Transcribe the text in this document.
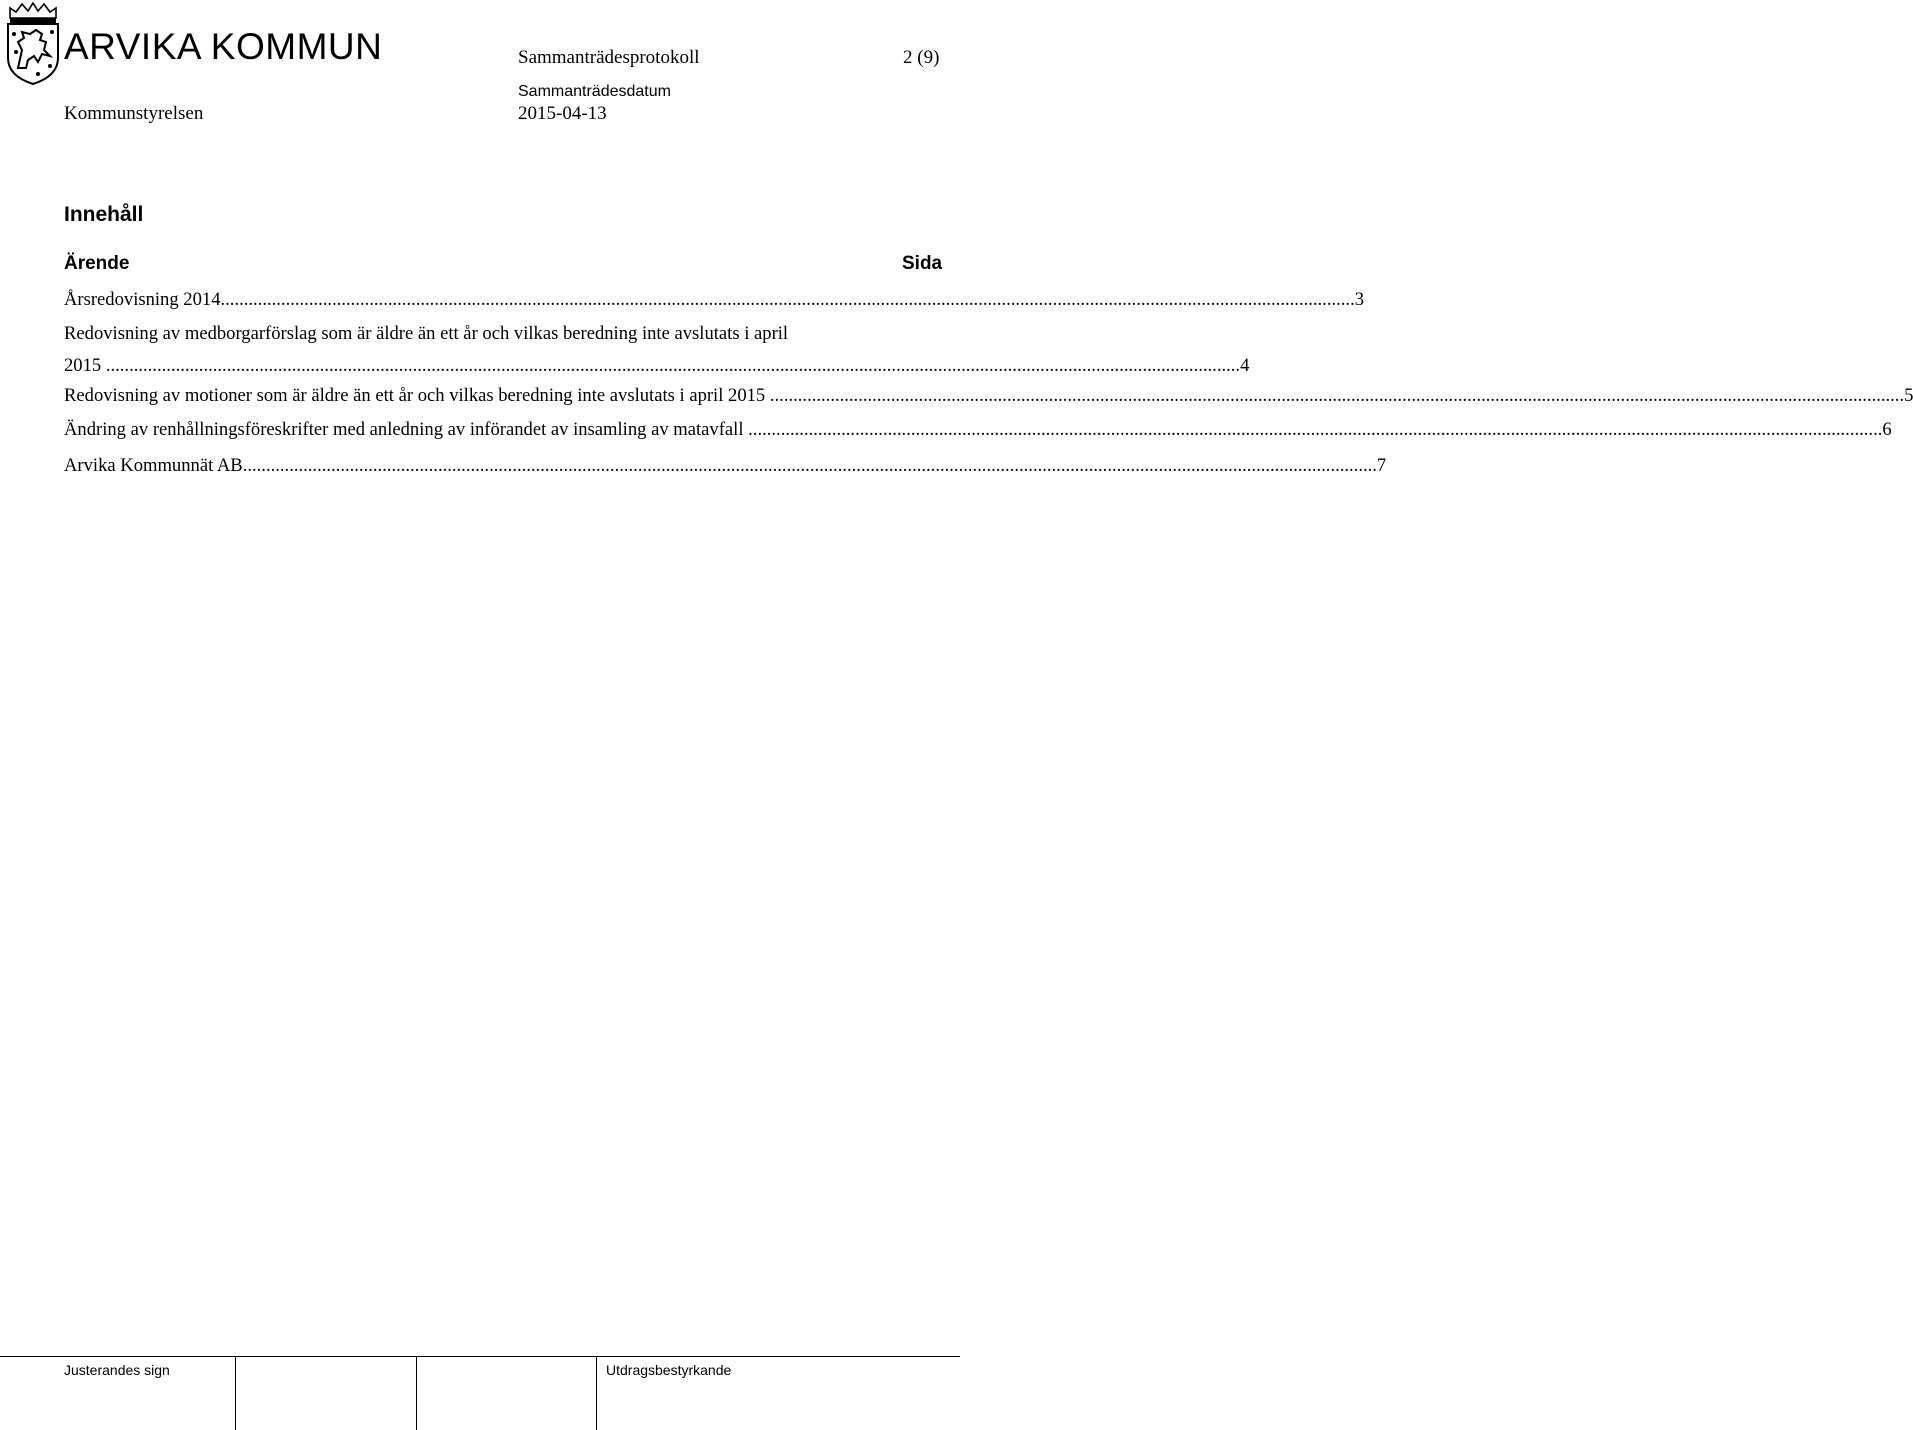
ARVIKA KOMMUN	Sammanträdesprotokoll	2 (9)
Sammanträdesdatum
Kommunstyrelsen	2015-04-13
Innehåll
Ärende	Sida
Årsredovisning 2014 .................................................................................................................................................................................................................................................... 3
Redovisning av medborgarförslag som är äldre än ett år och vilkas beredning inte avslutats i april
2015 .................................................................................................................................................................................................................................................... 4
Redovisning av motioner som är äldre än ett år och vilkas beredning inte avslutats i april 2015 .................................................................................................................................................................................................................................................... 5
Ändring av renhållningsföreskrifter med anledning av införandet av insamling av matavfall .................................................................................................................................................................................................................................................... 6
Arvika Kommunnät AB .................................................................................................................................................................................................................................................... 7
Justerandes sign	Utdragsbestyrkande
